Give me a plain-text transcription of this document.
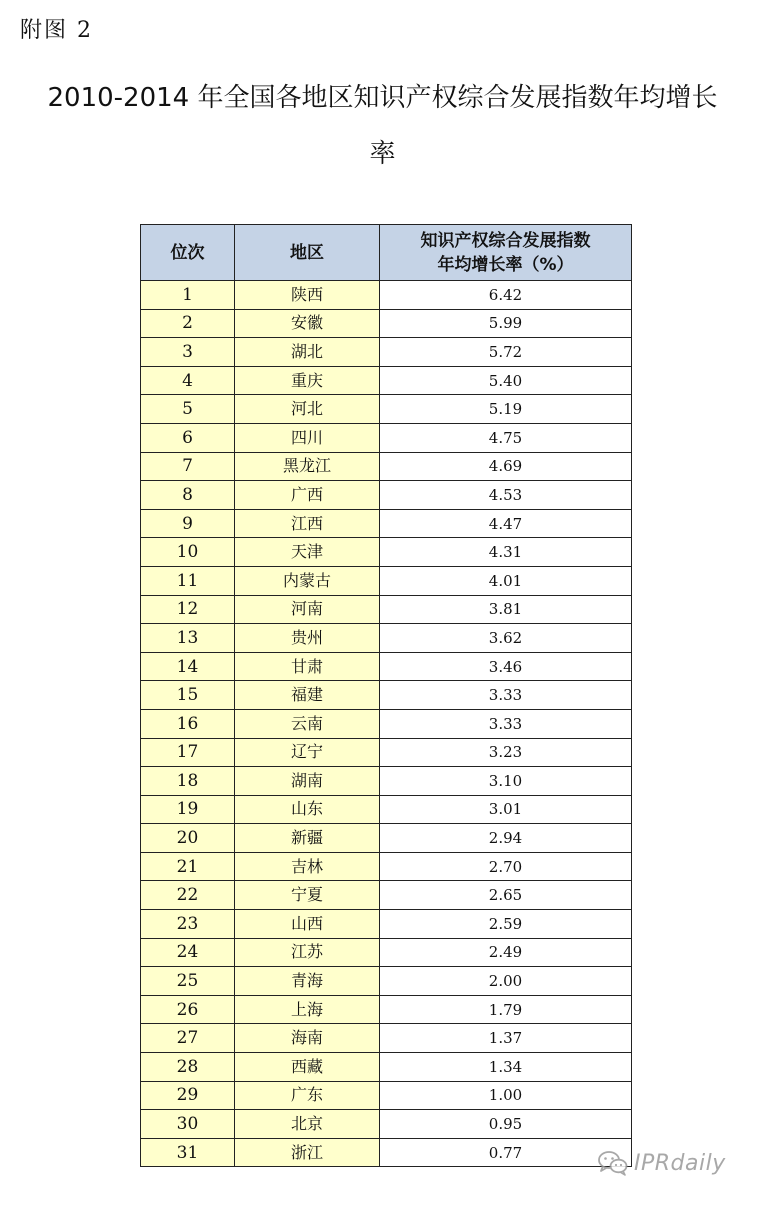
附图 2
2010-2014 年全国各地区知识产权综合发展指数年均增长
率
位次	地区	知识产权综合发展指数
年均增长率（%）

1	陕西	6.42
2	安徽	5.99
3	湖北	5.72
4	重庆	5.40
5	河北	5.19
6	四川	4.75
7	黑龙江	4.69
8	广西	4.53
9	江西	4.47
10	天津	4.31
11	内蒙古	4.01
12	河南	3.81
13	贵州	3.62
14	甘肃	3.46
15	福建	3.33
16	云南	3.33
17	辽宁	3.23
18	湖南	3.10
19	山东	3.01
20	新疆	2.94
21	吉林	2.70
22	宁夏	2.65
23	山西	2.59
24	江苏	2.49
25	青海	2.00
26	上海	1.79
27	海南	1.37
28	西藏	1.34
29	广东	1.00
30	北京	0.95
31	浙江	0.77	IPRdaily
